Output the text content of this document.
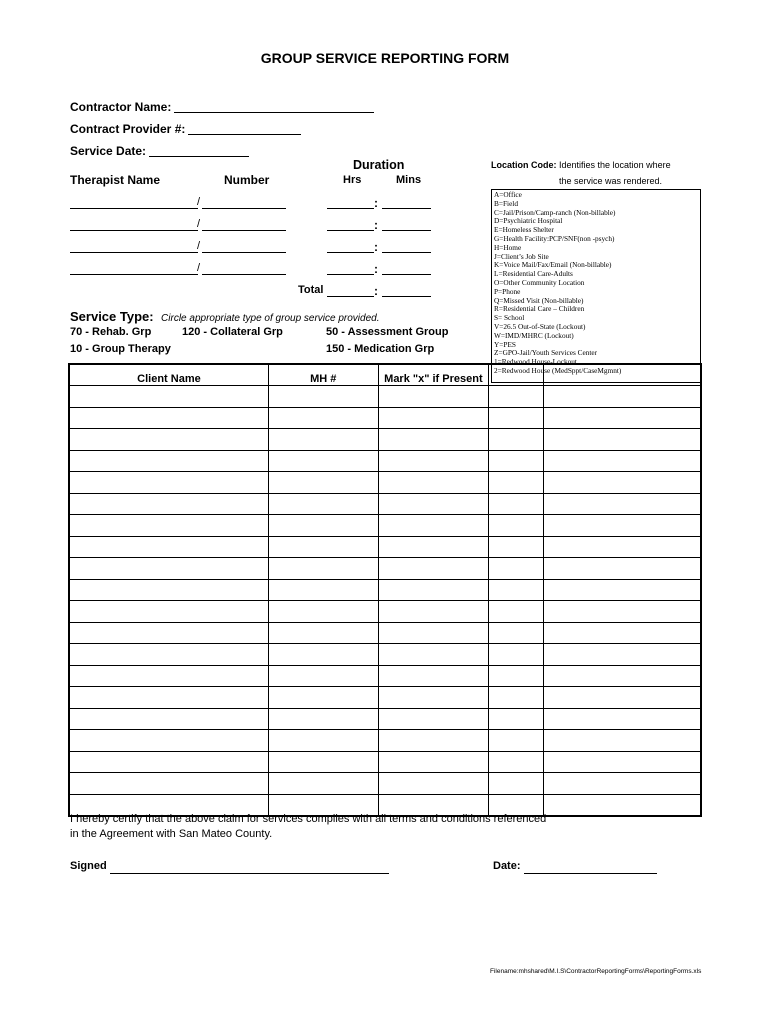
GROUP SERVICE REPORTING FORM
Contractor Name:
Contract Provider #:
Service Date:
Duration
Therapist Name	Number	Hrs	Mins
/	:
/	:
/	:
/	:
Total	:
Location Code: Identifies the location where
the service was rendered.
A=Office
B=Field
C=Jail/Prison/Camp-ranch (Non-billable)
D=Psychiatric Hospital
E=Homeless Shelter
G=Health Facility:PCP/SNF(non -psych)
H=Home
J=Client’s Job Site
K=Voice Mail/Fax/Email (Non-billable)
L=Residential Care-Adults
O=Other Community Location
P=Phone
Q=Missed Visit (Non-billable)
R=Residential Care – Children
S= School
V=26.5 Out-of-State (Lockout)
W=IMD/MHRC (Lockout)
Y=PES
Z=GPO-Jail/Youth Services Center
1=Redwood House-Lockout
2=Redwood House (MedSppt/CaseMgmnt)
Service Type: Circle appropriate type of group service provided.
70 - Rehab. Grp	120 - Collateral Grp	50 - Assessment Group
10 - Group Therapy	150 - Medication Grp
Client Name	MH #	Mark "x" if Present		

I hereby certify that the above claim for services complies with all terms and conditions referenced
in the Agreement with San Mateo County.
Signed	Date:
Filename:mhshared\M.I.S\ContractorReportingForms\ReportingForms.xls
